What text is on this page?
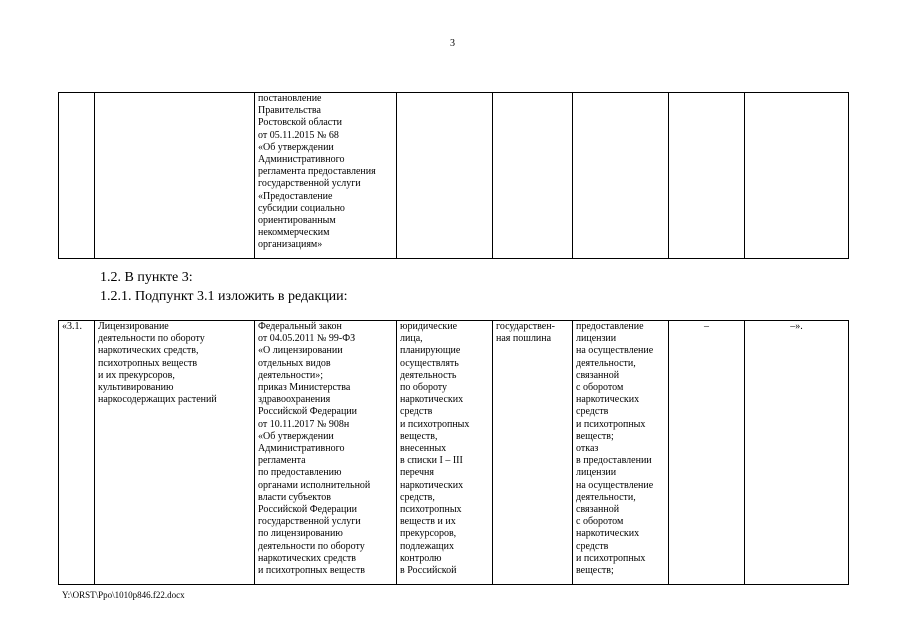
3
		постановление
Правительства
Ростовской области
от 05.11.2015 № 68
«Об утверждении
Административного
регламента предоставления
государственной услуги
«Предоставление
субсидии социально
ориентированным
некоммерческим
организациям»					
1.2. В пункте 3:
1.2.1. Подпункт 3.1 изложить в редакции:
«3.1.	Лицензирование
деятельности по обороту
наркотических средств,
психотропных веществ
и их прекурсоров,
культивированию
наркосодержащих растений	Федеральный закон
от 04.05.2011 № 99-ФЗ
«О лицензировании
отдельных видов
деятельности»;
приказ Министерства
здравоохранения
Российской Федерации
от 10.11.2017 № 908н
«Об утверждении
Административного
регламента
по предоставлению
органами исполнительной
власти субъектов
Российской Федерации
государственной услуги
по лицензированию
деятельности по обороту
наркотических средств
и психотропных веществ	юридические
лица,
планирующие
осуществлять
деятельность
по обороту
наркотических
средств
и психотропных
веществ,
внесенных
в списки I – III
перечня
наркотических
средств,
психотропных
веществ и их
прекурсоров,
подлежащих
контролю
в Российской	государствен-
ная пошлина	предоставление
лицензии
на осуществление
деятельности,
связанной
с оборотом
наркотических
средств
и психотропных
веществ;
отказ
в предоставлении
лицензии
на осуществление
деятельности,
связанной
с оборотом
наркотических
средств
и психотропных
веществ;	–	–».
Y:\ORST\Ppo\1010p846.f22.docx
